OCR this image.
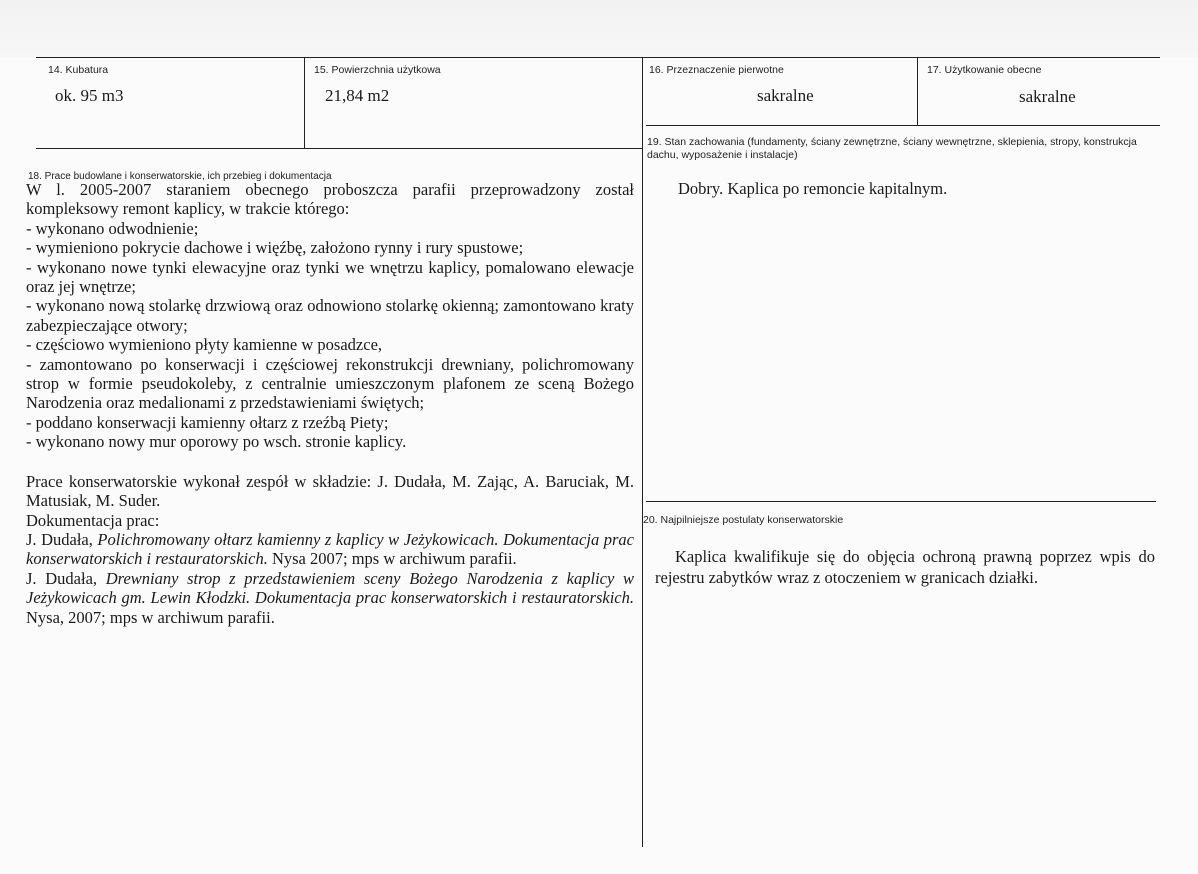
14. Kubatura

ok. 95 m3

15. Powierzchnia użytkowa

21,84 m2

16. Przeznaczenie pierwotne

sakralne

17. Użytkowanie obecne

sakralne

18. Prace budowlane i konserwatorskie, ich przebieg i dokumentacja

W l. 2005-2007 staraniem obecnego proboszcza parafii przeprowadzony został kompleksowy remont kaplicy, w trakcie którego:

- wykonano odwodnienie;

- wymieniono pokrycie dachowe i więźbę, założono rynny i rury spustowe;

- wykonano nowe tynki elewacyjne oraz tynki we wnętrzu kaplicy, pomalowano elewacje oraz jej wnętrze;

- wykonano nową stolarkę drzwiową oraz odnowiono stolarkę okienną; zamontowano kraty zabezpieczające otwory;

- częściowo wymieniono płyty kamienne w posadzce,

- zamontowano po konserwacji i częściowej rekonstrukcji drewniany, polichromowany strop w formie pseudokoleby, z centralnie umieszczonym plafonem ze sceną Bożego Narodzenia oraz medalionami z przedstawieniami świętych;

- poddano konserwacji kamienny ołtarz z rzeźbą Piety;

- wykonano nowy mur oporowy po wsch. stronie kaplicy.

Prace konserwatorskie wykonał zespół w składzie: J. Dudała, M. Zając, A. Baruciak, M. Matusiak, M. Suder.

Dokumentacja prac:

J. Dudała, Polichromowany ołtarz kamienny z kaplicy w Jeżykowicach. Dokumentacja prac konserwatorskich i restauratorskich. Nysa 2007; mps w archiwum parafii.

J. Dudała, Drewniany strop z przedstawieniem sceny Bożego Narodzenia z kaplicy w Jeżykowicach gm. Lewin Kłodzki. Dokumentacja prac konserwatorskich i restauratorskich. Nysa, 2007; mps w archiwum parafii.

19. Stan zachowania (fundamenty, ściany zewnętrzne, ściany wewnętrzne, sklepienia, stropy, konstrukcja dachu, wyposażenie i instalacje)

Dobry. Kaplica po remoncie kapitalnym.

20. Najpilniejsze postulaty konserwatorskie

Kaplica kwalifikuje się do objęcia ochroną prawną poprzez wpis do rejestru zabytków wraz z otoczeniem w granicach działki.
